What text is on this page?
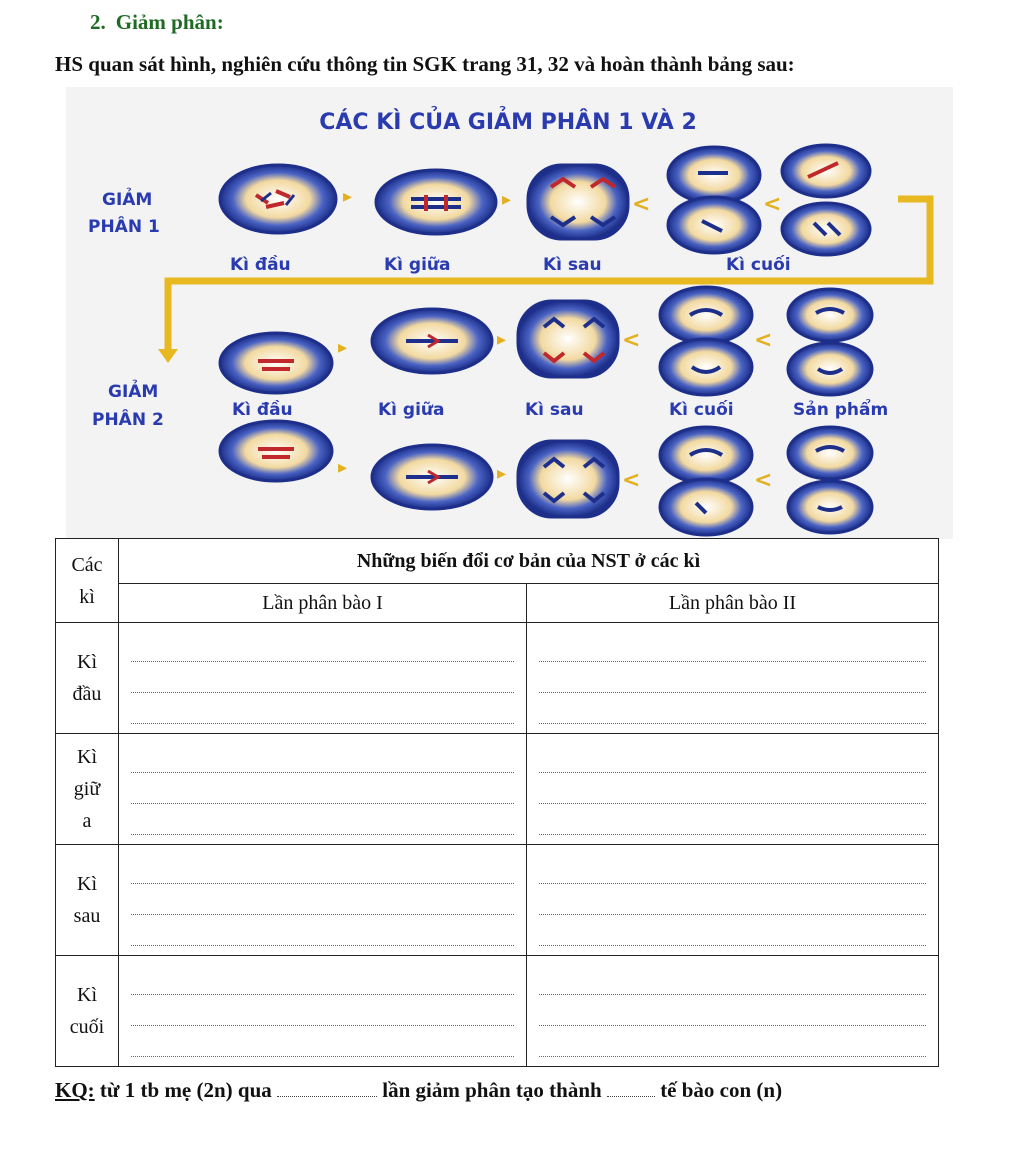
2. Giảm phân:
HS quan sát hình, nghiên cứu thông tin SGK trang 31, 32 và hoàn thành bảng sau:
CÁC KÌ CỦA GIẢM PHÂN 1 VÀ 2
GIẢM
PHÂN 1
▸	▸	<	<
Kì đầu	Kì giữa	Kì sau	Kì cuối
▸	▸	<	<
GIẢM
PHÂN 2	Kì đầu	Kì giữa	Kì sau	Kì cuối	Sản phẩm
▸	▸	<	<
Các
kì	Những biến đổi cơ bản của NST ở các kì	
	Lần phân bào I	Lần phân bào II

Kì
đầu		

Kì
giữ
a		

Kì
sau		

Kì
cuối		

KQ: từ 1 tb mẹ (2n) qua	lần giảm phân tạo thành	tế bào con (n)
